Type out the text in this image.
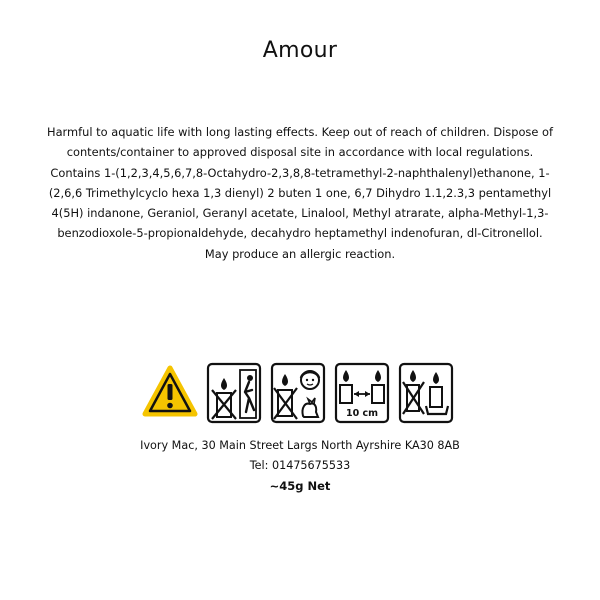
Amour
Harmful to aquatic life with long lasting effects. Keep out of reach of children. Dispose of contents/container to approved disposal site in accordance with local regulations. Contains 1-(1,2,3,4,5,6,7,8-Octahydro-2,3,8,8-tetramethyl-2-naphthalenyl)ethanone, 1-(2,6,6 Trimethylcyclo hexa 1,3 dienyl) 2 buten 1 one, 6,7 Dihydro 1.1,2.3,3 pentamethyl 4(5H) indanone, Geraniol, Geranyl acetate, Linalool, Methyl atrarate, alpha-Methyl-1,3-benzodioxole-5-propionaldehyde, decahydro heptamethyl indenofuran, dl-Citronellol. May produce an allergic reaction.
10 cm
Ivory Mac, 30 Main Street Largs North Ayrshire KA30 8AB
Tel: 01475675533
~45g Net
